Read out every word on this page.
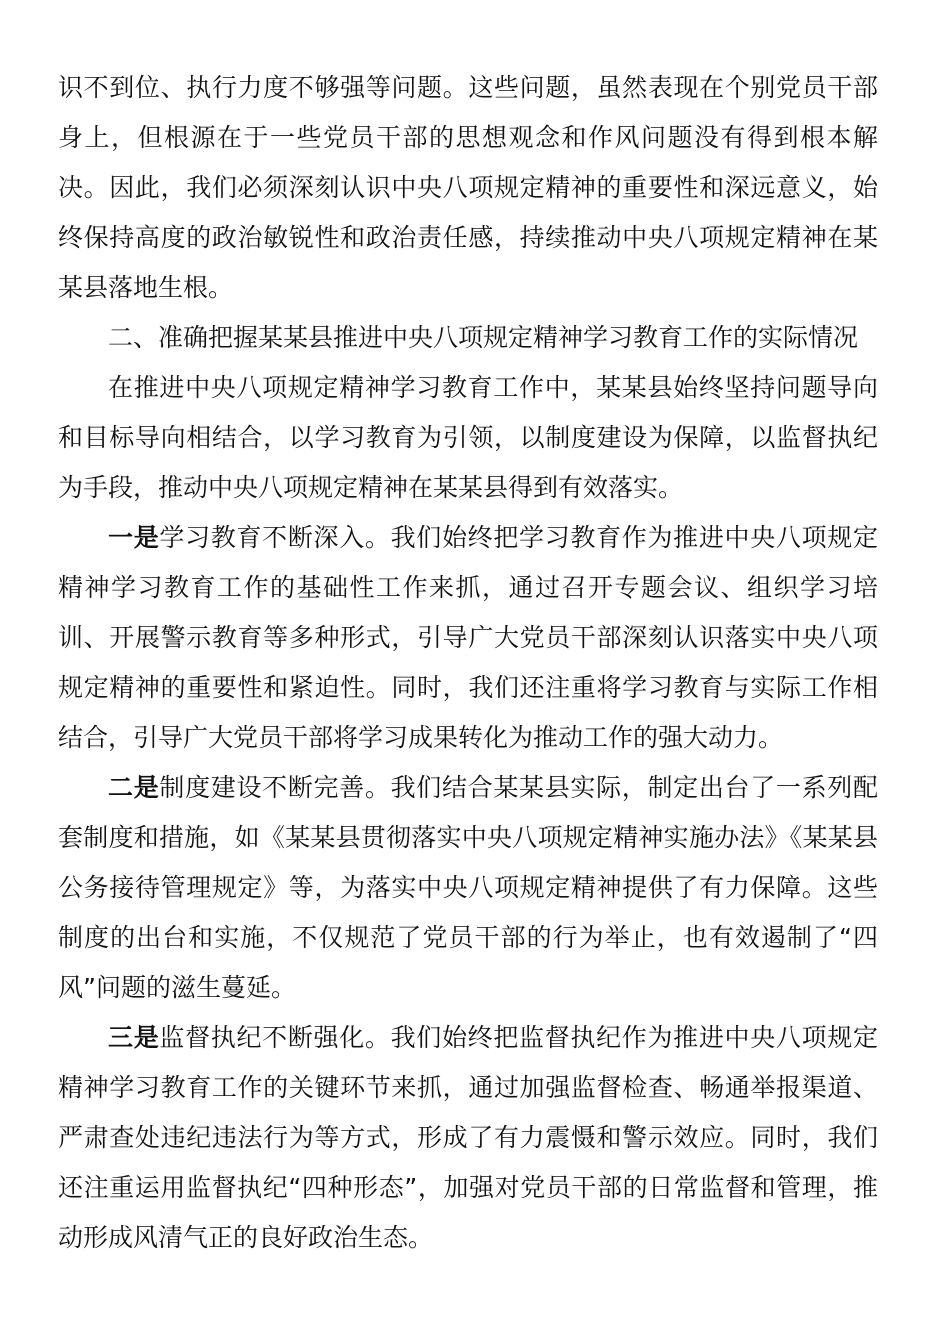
识不到位、执行力度不够强等问题。这些问题，虽然表现在个别党员干部身上，但根源在于一些党员干部的思想观念和作风问题没有得到根本解决。因此，我们必须深刻认识中央八项规定精神的重要性和深远意义，始终保持高度的政治敏锐性和政治责任感，持续推动中央八项规定精神在某某县落地生根。

二、准确把握某某县推进中央八项规定精神学习教育工作的实际情况

在推进中央八项规定精神学习教育工作中，某某县始终坚持问题导向和目标导向相结合，以学习教育为引领，以制度建设为保障，以监督执纪为手段，推动中央八项规定精神在某某县得到有效落实。

一是学习教育不断深入。我们始终把学习教育作为推进中央八项规定精神学习教育工作的基础性工作来抓，通过召开专题会议、组织学习培训、开展警示教育等多种形式，引导广大党员干部深刻认识落实中央八项规定精神的重要性和紧迫性。同时，我们还注重将学习教育与实际工作相结合，引导广大党员干部将学习成果转化为推动工作的强大动力。

二是制度建设不断完善。我们结合某某县实际，制定出台了一系列配套制度和措施，如《某某县贯彻落实中央八项规定精神实施办法》《某某县公务接待管理规定》等，为落实中央八项规定精神提供了有力保障。这些制度的出台和实施，不仅规范了党员干部的行为举止，也有效遏制了“四风”问题的滋生蔓延。

三是监督执纪不断强化。我们始终把监督执纪作为推进中央八项规定精神学习教育工作的关键环节来抓，通过加强监督检查、畅通举报渠道、严肃查处违纪违法行为等方式，形成了有力震慑和警示效应。同时，我们还注重运用监督执纪“四种形态”，加强对党员干部的日常监督和管理，推动形成风清气正的良好政治生态。
